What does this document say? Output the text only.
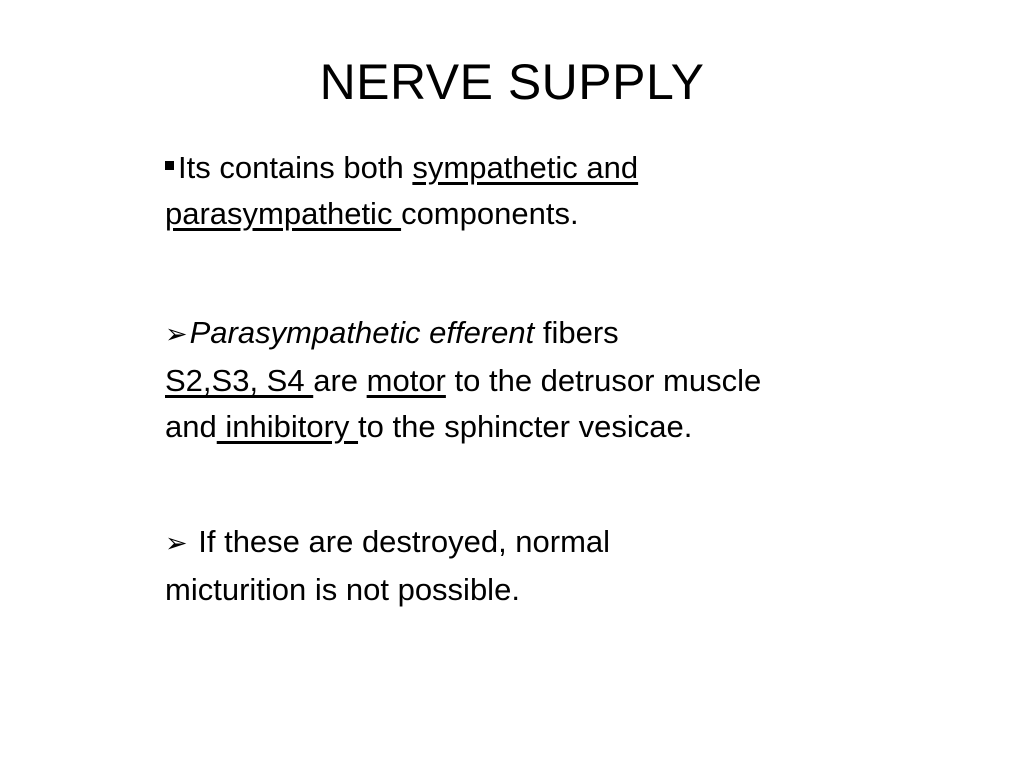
NERVE SUPPLY

Its contains both sympathetic and
parasympathetic components.

➢Parasympathetic efferent fibers
S2,S3, S4 are motor to the detrusor muscle
and inhibitory to the sphincter vesicae.

➢ If these are destroyed, normal
micturition is not possible.
